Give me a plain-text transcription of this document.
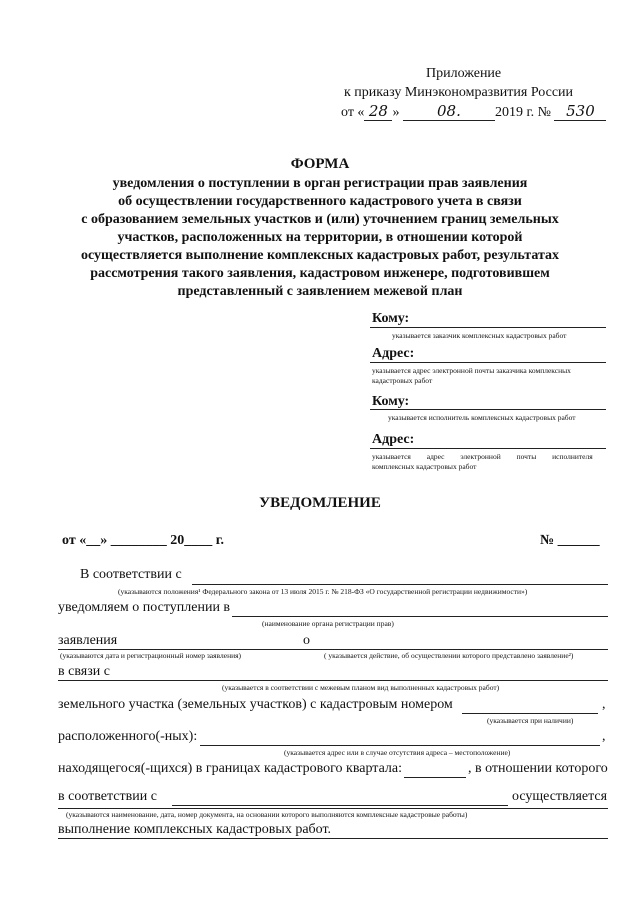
Приложение
к приказу Минэкономразвития России
от « 28 »	08. 2019 г. № 530
ФОРМА
уведомления о поступлении в орган регистрации прав заявления
об осуществлении государственного кадастрового учета в связи
с образованием земельных участков и (или) уточнением границ земельных
участков, расположенных на территории, в отношении которой
осуществляется выполнение комплексных кадастровых работ, результатах
рассмотрения такого заявления, кадастровом инженере, подготовившем
представленный с заявлением межевой план
Кому:
указывается заказчик комплексных кадастровых работ
Адрес:
указывается адрес электронной почты заказчика комплексных
кадастровых работ
Кому:
указывается исполнитель комплексных кадастровых работ
Адрес:
указывается адрес электронной почты исполнителя
комплексных кадастровых работ
УВЕДОМЛЕНИЕ
от «__» ________ 20____ г.	№ ______
В соответствии с
(указываются положения¹ Федерального закона от 13 июля 2015 г. № 218-ФЗ «О государственной регистрации недвижимости»)
уведомляем о поступлении в
(наименование органа регистрации прав)
заявления	о
(указываются дата и регистрационный номер заявления)	( указывается действие, об осуществлении которого представлено заявление²)
в связи с
(указывается в соответствии с межевым планом вид выполненных кадастровых работ)
земельного участка (земельных участков) с кадастровым номером	,
(указывается при наличии)
расположенного(-ных):	,
(указывается адрес или в случае отсутствия адреса – местоположение)
находящегося(-щихся) в границах кадастрового квартала:	, в отношении которого
в соответствии с	осуществляется
(указываются наименование, дата, номер документа, на основании которого выполняются комплексные кадастровые работы)
выполнение комплексных кадастровых работ.
